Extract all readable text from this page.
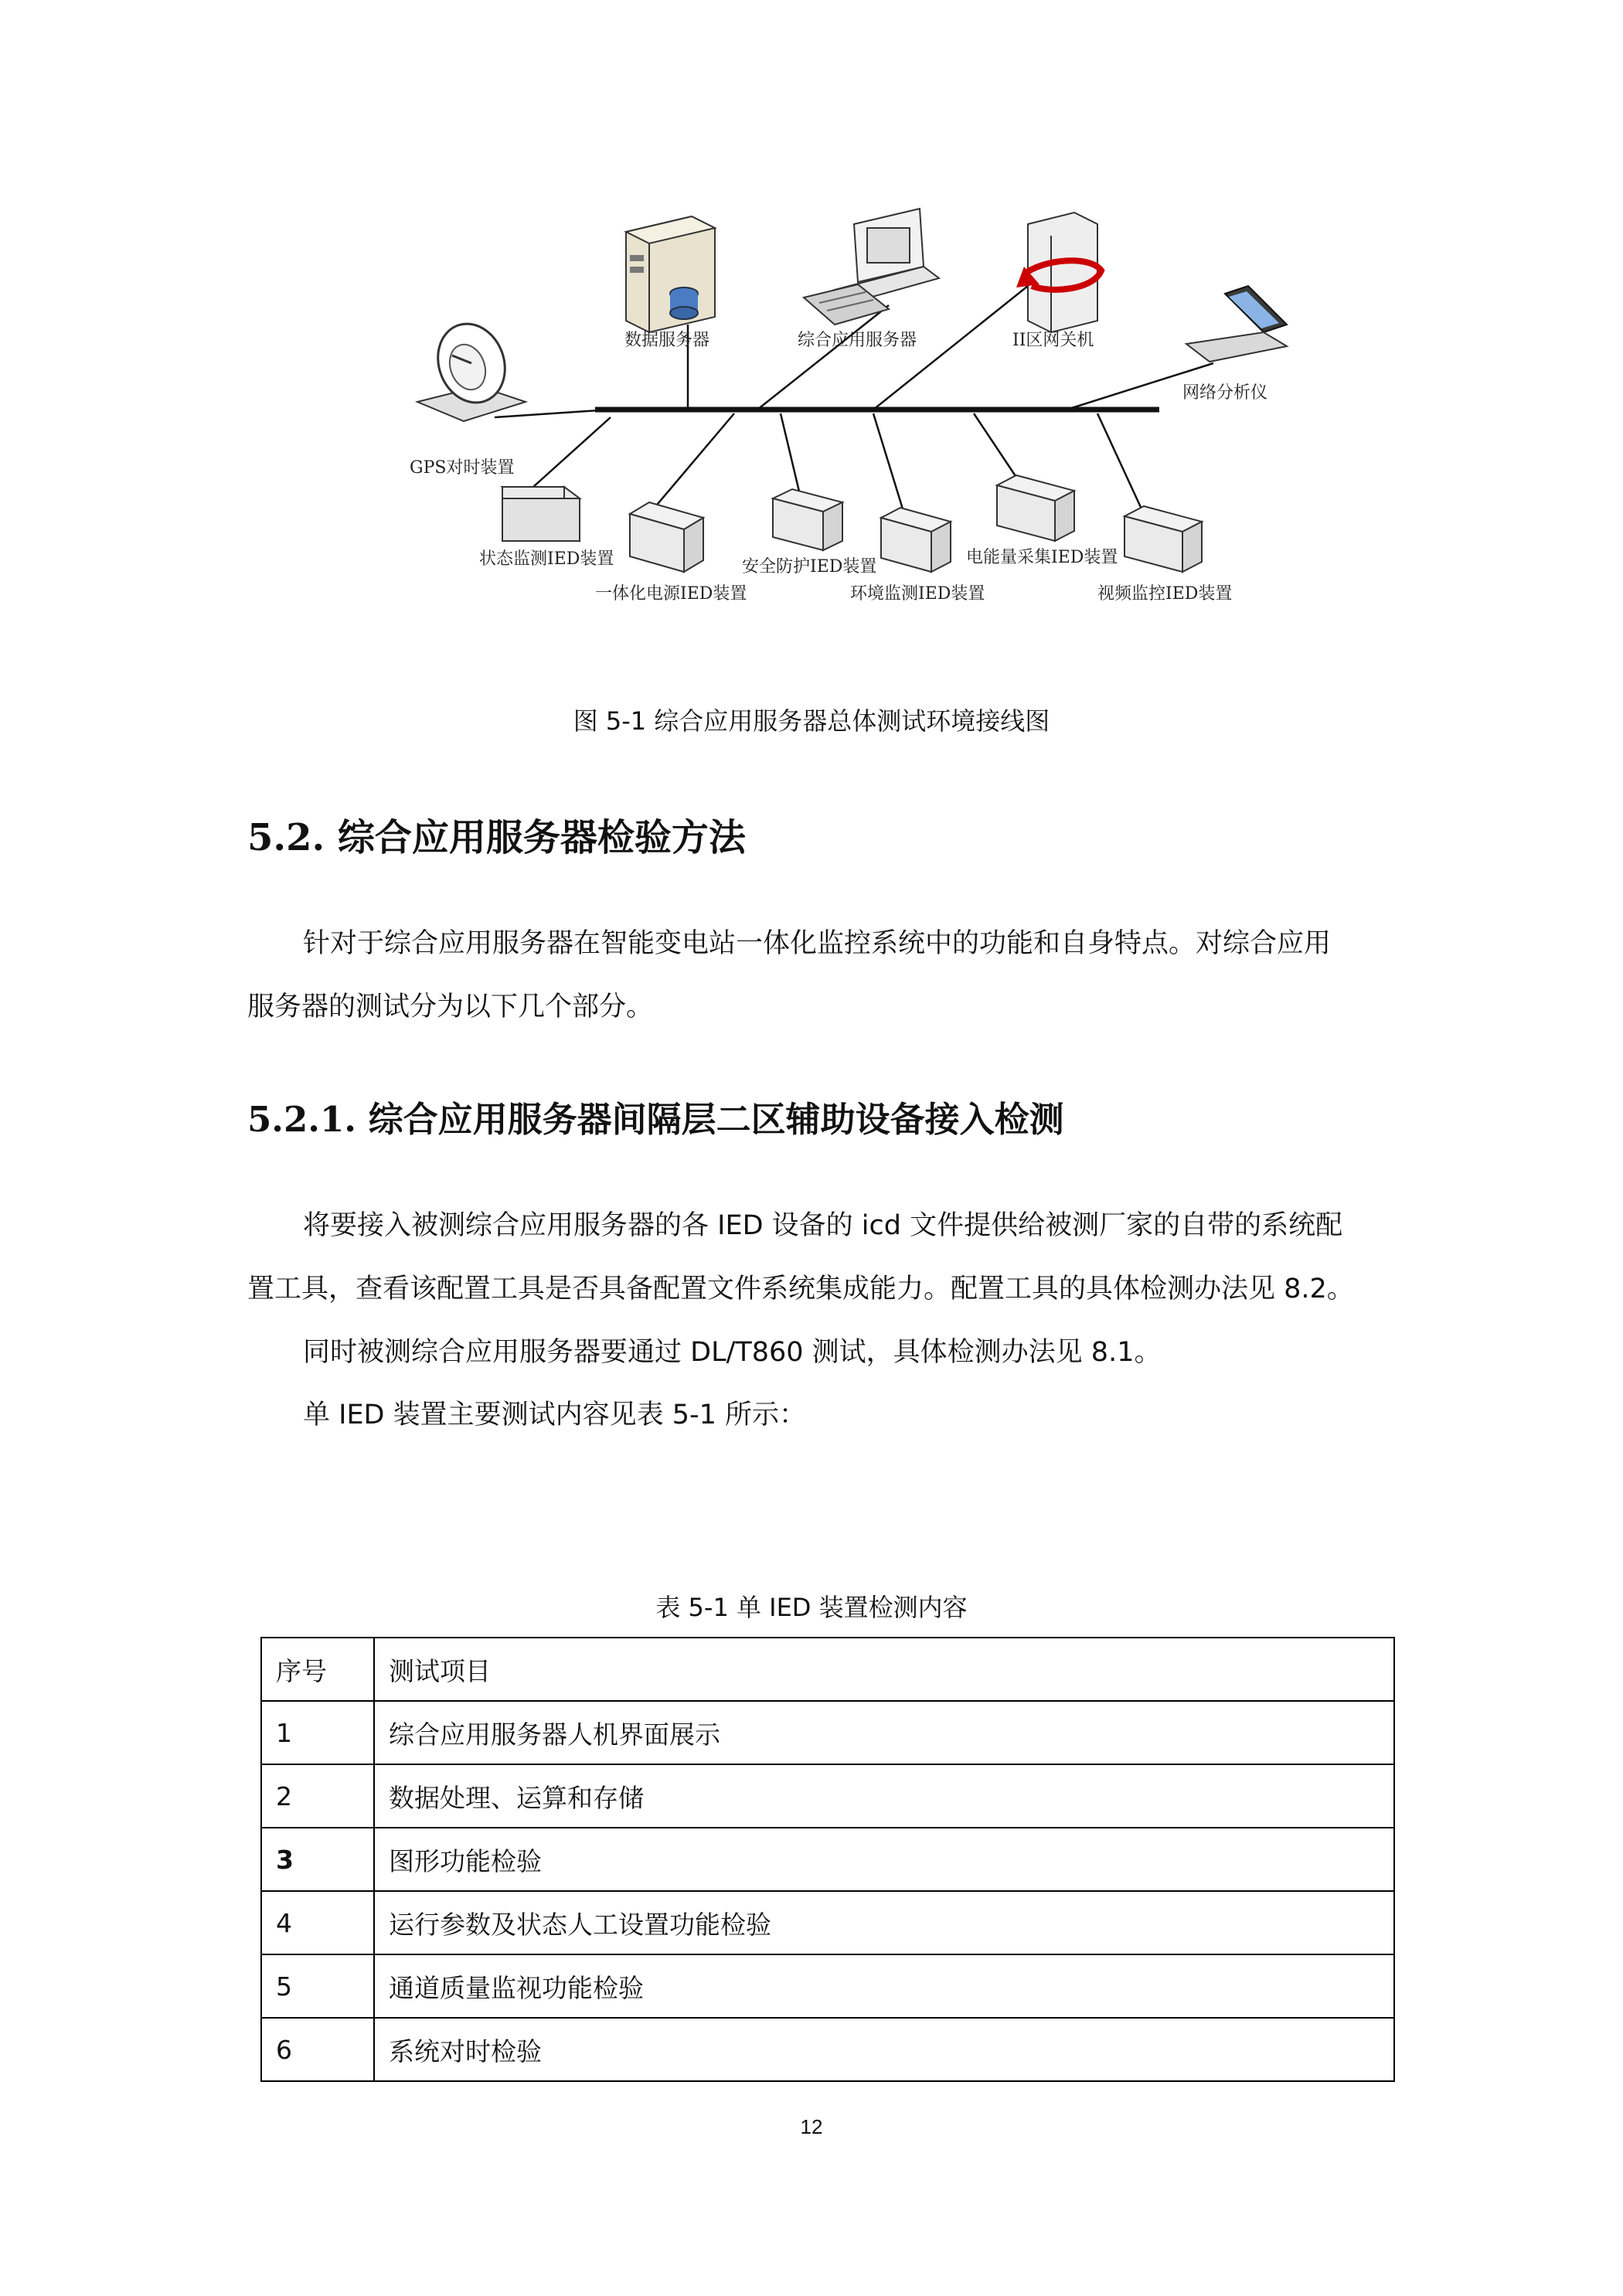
数据服务器	综合应用服务器	II区网关机
网络分析仪
GPS对时装置
状态监测IED装置
一体化电源IED装置
安全防护IED装置
环境监测IED装置
电能量采集IED装置
视频监控IED装置
图 5-1 综合应用服务器总体测试环境接线图
5.2. 综合应用服务器检验方法
针对于综合应用服务器在智能变电站一体化监控系统中的功能和自身特点。对综合应用
服务器的测试分为以下几个部分。
5.2.1. 综合应用服务器间隔层二区辅助设备接入检测
将要接入被测综合应用服务器的各 IED 设备的 icd 文件提供给被测厂家的自带的系统配
置工具，查看该配置工具是否具备配置文件系统集成能力。配置工具的具体检测办法见 8.2。
同时被测综合应用服务器要通过 DL/T860 测试，具体检测办法见 8.1。
单 IED 装置主要测试内容见表 5-1 所示：
表 5-1 单 IED 装置检测内容
序号	测试项目
1	综合应用服务器人机界面展示
2	数据处理、运算和存储
3	图形功能检验
4	运行参数及状态人工设置功能检验
5	通道质量监视功能检验
6	系统对时检验
12
